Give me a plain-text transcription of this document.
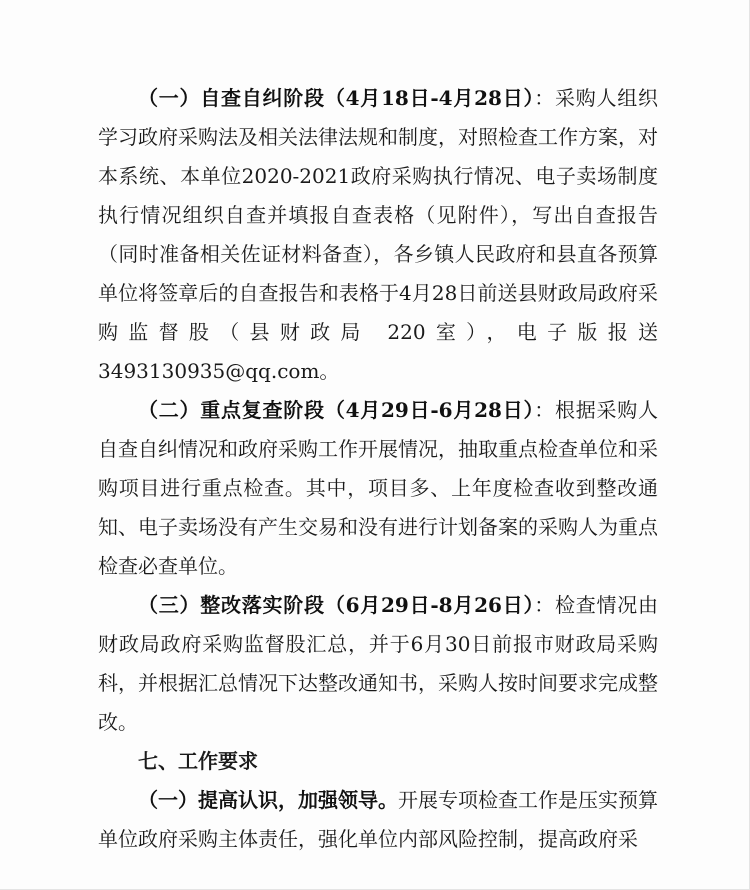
（一）自查自纠阶段（4月18日-4月28日）：采购人组织学习政府采购法及相关法律法规和制度，对照检查工作方案，对本系统、本单位2020-2021政府采购执行情况、电子卖场制度执行情况组织自查并填报自查表格（见附件），写出自查报告（同时准备相关佐证材料备查），各乡镇人民政府和县直各预算单位将签章后的自查报告和表格于4月28日前送县财政局政府采购监督股（县财政局 220室），电子版报送3493130935@qq.com。

（二）重点复查阶段（4月29日-6月28日）：根据采购人自查自纠情况和政府采购工作开展情况，抽取重点检查单位和采购项目进行重点检查。其中，项目多、上年度检查收到整改通知、电子卖场没有产生交易和没有进行计划备案的采购人为重点检查必查单位。

（三）整改落实阶段（6月29日-8月26日）：检查情况由财政局政府采购监督股汇总，并于6月30日前报市财政局采购科，并根据汇总情况下达整改通知书，采购人按时间要求完成整改。

七、工作要求

（一）提高认识，加强领导。开展专项检查工作是压实预算单位政府采购主体责任，强化单位内部风险控制，提高政府采
